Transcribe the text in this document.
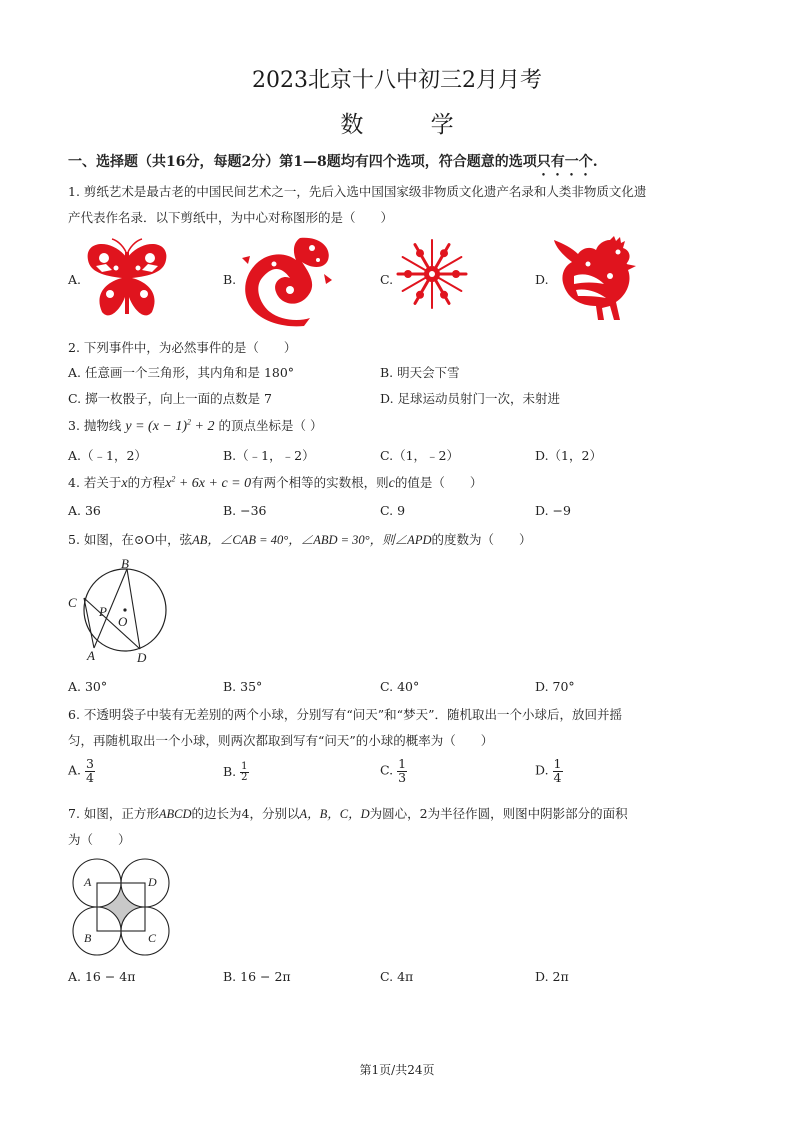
2023北京十八中初三2月月考
数 学
一、选择题（共16分，每题2分）第1—8题均有四个选项，符合题意的选项只有一个.
1. 剪纸艺术是最古老的中国民间艺术之一，先后入选中国国家级非物质文化遗产名录和人类非物质文化遗
产代表作名录．以下剪纸中，为中心对称图形的是（　　）
A.	B.	C.	D.
2. 下列事件中，为必然事件的是（　　）
A. 任意画一个三角形，其内角和是 180°	B. 明天会下雪
C. 掷一枚骰子，向上一面的点数是 7	D. 足球运动员射门一次，未射进
3. 抛物线 $y = (x - 1)^2 + 2$ 的顶点坐标是（ ）
A.（﹣1，2）	B.（﹣1，﹣2）	C.（1，﹣2）	D.（1，2）
4. 若关于x的方程$x^2 + 6x + c = 0$有两个相等的实数根，则c的值是（　　）
A. 36	B. −36	C. 9	D. −9
5. 如图，在⊙O中，弦AB，∠CAB = 40°，∠ABD = 30°，则∠APD的度数为（　　）
B
C
P
O
A	D
A. 30°	B. 35°	C. 40°	D. 70°
6. 不透明袋子中装有无差别的两个小球，分别写有“问天”和“梦天”．随机取出一个小球后，放回并摇
匀，再随机取出一个小球，则两次都取到写有“问天”的小球的概率为（　　）
A. $\frac{3}{4}$	B. $\frac{1}{2}$	C. $\frac{1}{3}$	D. $\frac{1}{4}$
7. 如图，正方形ABCD的边长为4，分别以A，B，C，D为圆心，2为半径作圆，则图中阴影部分的面积
为（　　）
A	D
B	C
A. 16 − 4π	B. 16 − 2π	C. 4π	D. 2π
第1页/共24页
